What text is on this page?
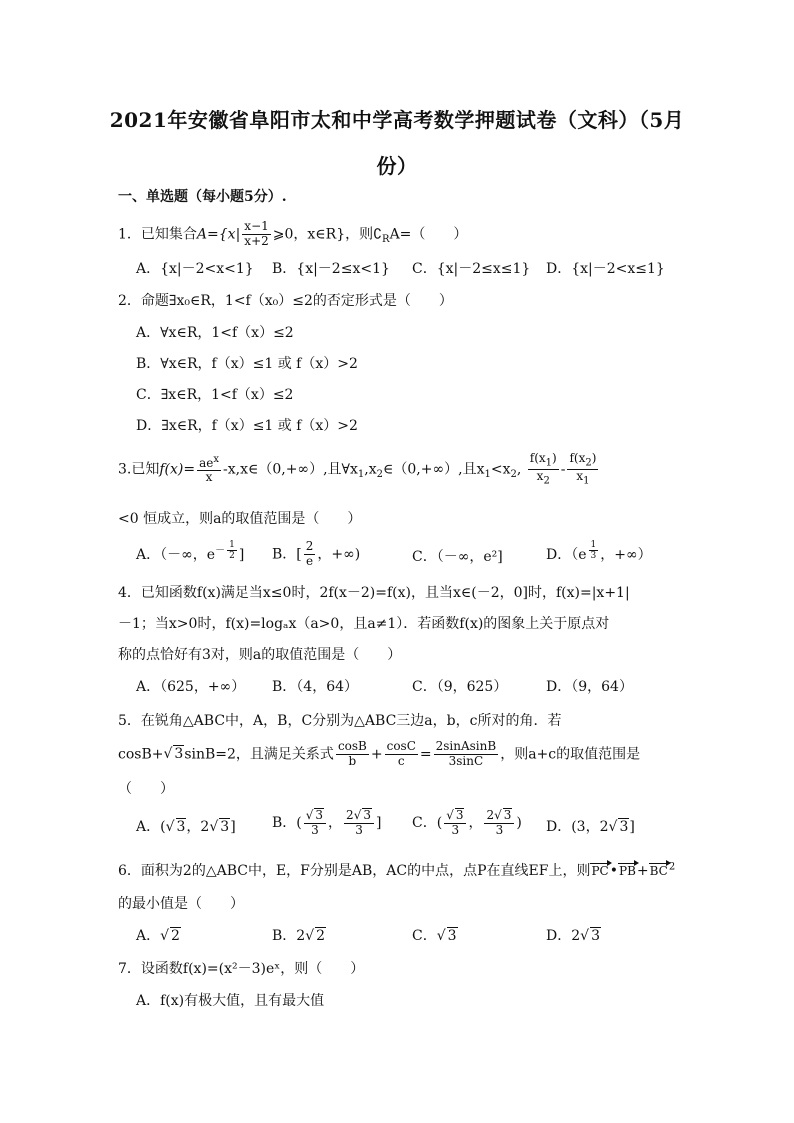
2021年安徽省阜阳市太和中学高考数学押题试卷（文科）（5月
份）
一、单选题（每小题5分）.
1．已知集合$A=\{x| \frac{x-1}{x+2}$ ⩾0，x∈R}，则$∁_RA=$（　　）
A．{x|－2<x<1} B．{x|－2≤x<1} C．{x|－2≤x≤1} D．{x|－2<x≤1}
2．命题∃x₀∈R，1<f（x₀）≤2的否定形式是（　　）
A．∀x∈R，1<f（x）≤2
B．∀x∈R，f（x）≤1 或 f（x）>2
C．∃x∈R，1<f（x）≤2
D．∃x∈R，f（x）≤1 或 f（x）>2
3.已知$f(x)= \frac{ae^x}{x}$ -x,x∈（0,+∞）,且$\forall x_1,x_2\in(0,+\infty)$,且$x_1<x_2$, $\frac{f(x_1)}{x_2} - \frac{f(x_2)}{x_1}$
<0 恒成立，则a的取值范围是（　　）
A．（－∞，$e^{- \frac{1}{2}}$ ] B．[ $\frac{2}{e}$ ，+∞)	C．（－∞，e²]	D．（e $^{\frac{1}{3}}$ ，+∞）
4．已知函数f(x)满足当x≤0时，2f(x－2)=f(x)，且当x∈(－2，0]时，f(x)=|x+1|
－1；当x>0时，f(x)=logₐx（a>0，且a≠1）．若函数f(x)的图象上关于原点对
称的点恰好有3对，则a的取值范围是（　　）
A．（625，+∞） B．（4，64）	C．（9，625）	D．（9，64）
5．在锐角△ABC中，A，B，C分别为△ABC三边a，b，c所对的角．若
cosB+ √ 3sinB=2，且满足关系式 $\frac{\cos B}{b} + \frac{\cos C}{c} = \frac{\text{2sinAsinB}}{3\sin C}$ ，则a+c的取值范围是
（　　）
A．( √ 3，2 √ 3]	B．( √ $\frac{3}{3}$ ， $\frac{2 √ 3}{3}$ ] C．( √ $\frac{3}{3}$ ， $\frac{2 √ 3}{3}$ ) D．(3，2 √ 3]
6．面积为2的△ABC中，E，F分别是AB，AC的中点，点P在直线EF上，则$PC•PB+BC^2$
的最小值是（　　）
A． √ 2	B．2 √ 2	C． √ 3	D．2 √ 3
7．设函数f(x)=(x²－3)eˣ，则（　　）
A．f(x)有极大值，且有最大值
